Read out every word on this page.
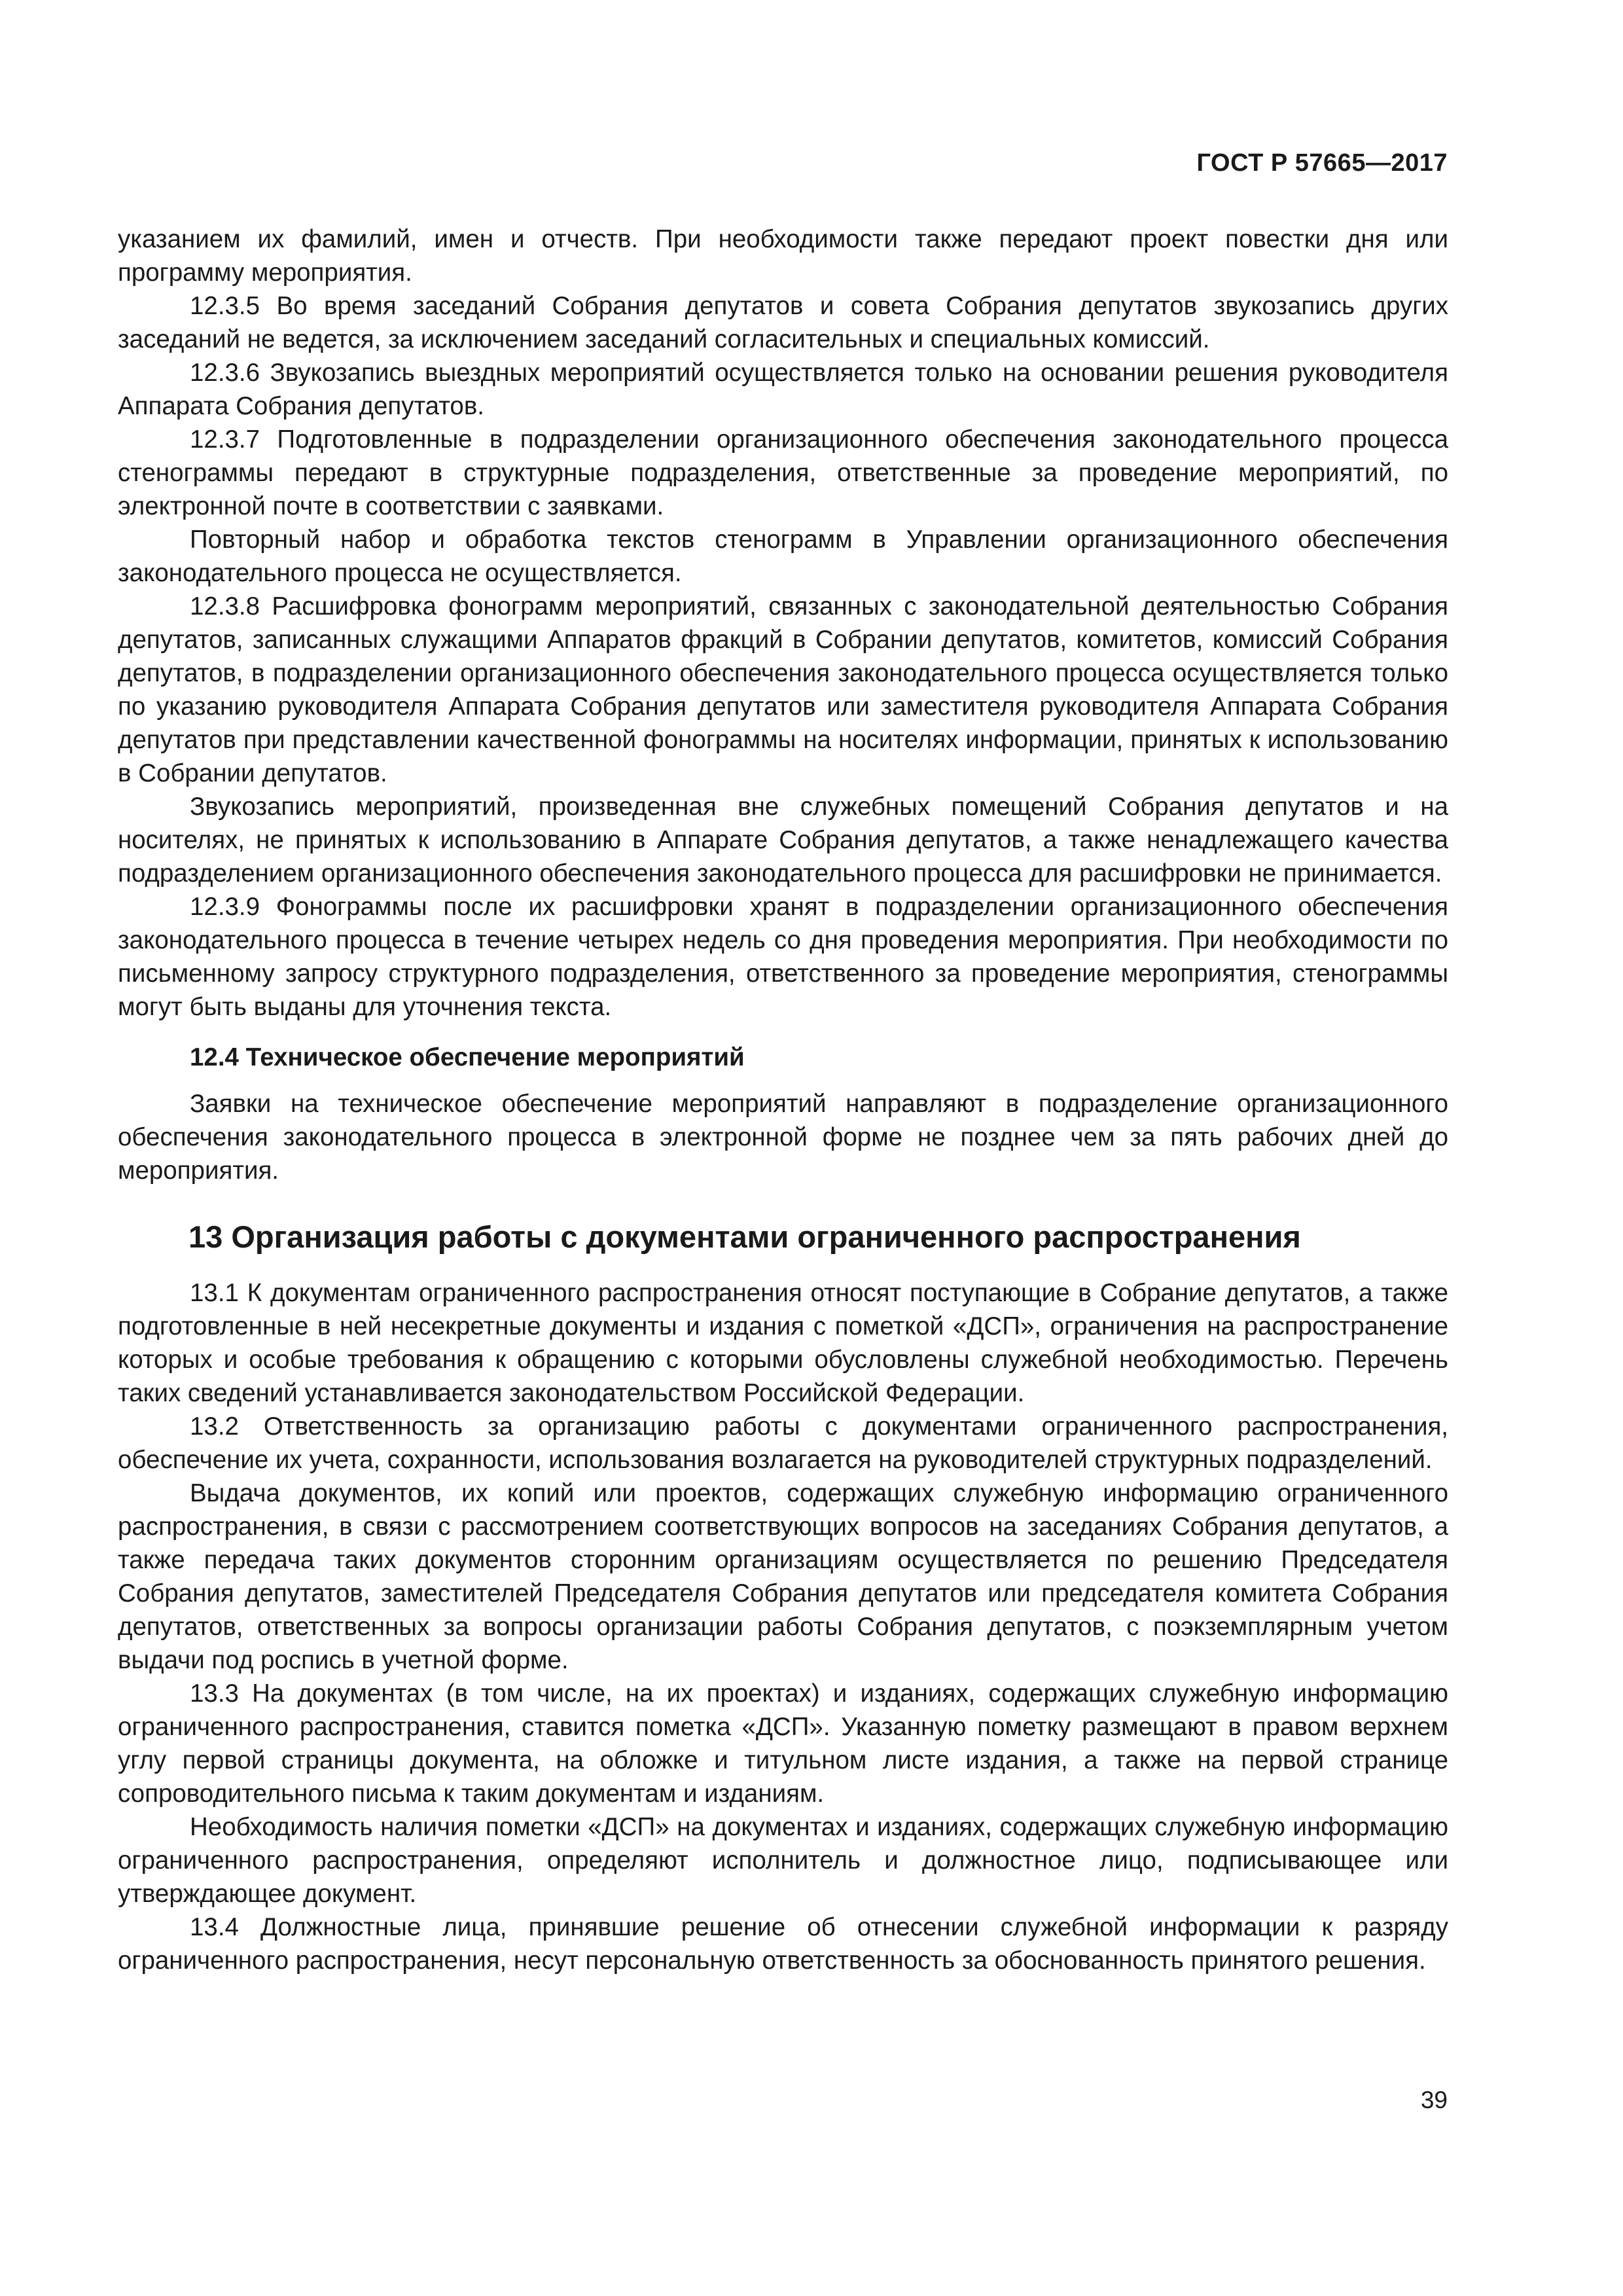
ГОСТ Р 57665—2017

указанием их фамилий, имен и отчеств. При необходимости также передают проект повестки дня или программу мероприятия.

12.3.5 Во время заседаний Собрания депутатов и совета Собрания депутатов звукозапись других заседаний не ведется, за исключением заседаний согласительных и специальных комиссий.

12.3.6 Звукозапись выездных мероприятий осуществляется только на основании решения руководителя Аппарата Собрания депутатов.

12.3.7 Подготовленные в подразделении организационного обеспечения законодательного процесса стенограммы передают в структурные подразделения, ответственные за проведение мероприятий, по электронной почте в соответствии с заявками.

Повторный набор и обработка текстов стенограмм в Управлении организационного обеспечения законодательного процесса не осуществляется.

12.3.8 Расшифровка фонограмм мероприятий, связанных с законодательной деятельностью Собрания депутатов, записанных служащими Аппаратов фракций в Собрании депутатов, комитетов, комиссий Собрания депутатов, в подразделении организационного обеспечения законодательного процесса осуществляется только по указанию руководителя Аппарата Собрания депутатов или заместителя руководителя Аппарата Собрания депутатов при представлении качественной фонограммы на носителях информации, принятых к использованию в Собрании депутатов.

Звукозапись мероприятий, произведенная вне служебных помещений Собрания депутатов и на носителях, не принятых к использованию в Аппарате Собрания депутатов, а также ненадлежащего качества подразделением организационного обеспечения законодательного процесса для расшифровки не принимается.

12.3.9 Фонограммы после их расшифровки хранят в подразделении организационного обеспечения законодательного процесса в течение четырех недель со дня проведения мероприятия. При необходимости по письменному запросу структурного подразделения, ответственного за проведение мероприятия, стенограммы могут быть выданы для уточнения текста.

12.4 Техническое обеспечение мероприятий

Заявки на техническое обеспечение мероприятий направляют в подразделение организационного обеспечения законодательного процесса в электронной форме не позднее чем за пять рабочих дней до мероприятия.

13 Организация работы с документами ограниченного распространения

13.1 К документам ограниченного распространения относят поступающие в Собрание депутатов, а также подготовленные в ней несекретные документы и издания с пометкой «ДСП», ограничения на распространение которых и особые требования к обращению с которыми обусловлены служебной необходимостью. Перечень таких сведений устанавливается законодательством Российской Федерации.

13.2 Ответственность за организацию работы с документами ограниченного распространения, обеспечение их учета, сохранности, использования возлагается на руководителей структурных подразделений.

Выдача документов, их копий или проектов, содержащих служебную информацию ограниченного распространения, в связи с рассмотрением соответствующих вопросов на заседаниях Собрания депутатов, а также передача таких документов сторонним организациям осуществляется по решению Председателя Собрания депутатов, заместителей Председателя Собрания депутатов или председателя комитета Собрания депутатов, ответственных за вопросы организации работы Собрания депутатов, с поэкземплярным учетом выдачи под роспись в учетной форме.

13.3 На документах (в том числе, на их проектах) и изданиях, содержащих служебную информацию ограниченного распространения, ставится пометка «ДСП». Указанную пометку размещают в правом верхнем углу первой страницы документа, на обложке и титульном листе издания, а также на первой странице сопроводительного письма к таким документам и изданиям.

Необходимость наличия пометки «ДСП» на документах и изданиях, содержащих служебную информацию ограниченного распространения, определяют исполнитель и должностное лицо, подписывающее или утверждающее документ.

13.4 Должностные лица, принявшие решение об отнесении служебной информации к разряду ограниченного распространения, несут персональную ответственность за обоснованность принятого решения.

39
